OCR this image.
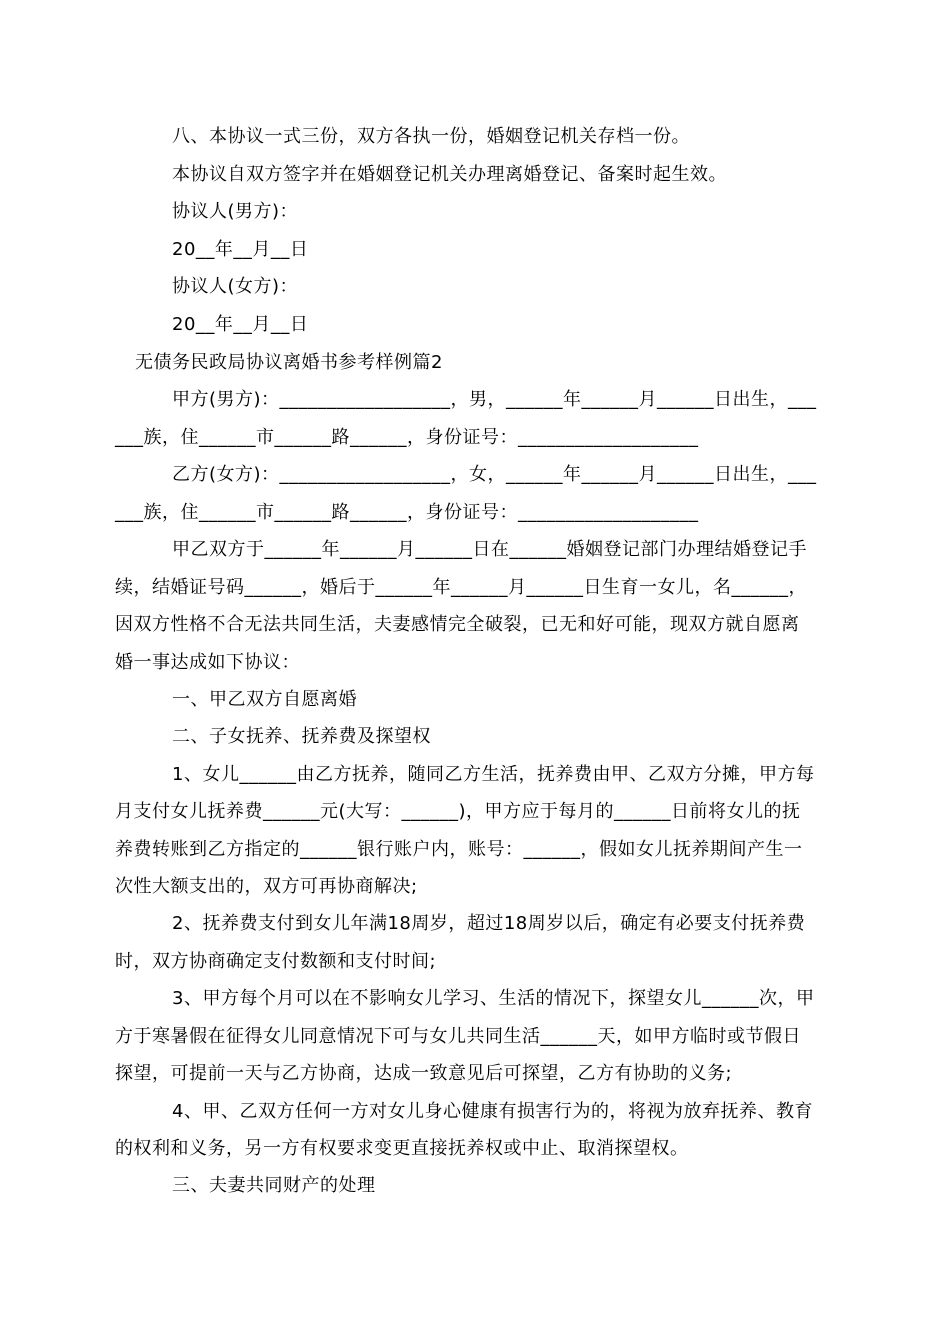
八、本协议一式三份，双方各执一份，婚姻登记机关存档一份。
本协议自双方签字并在婚姻登记机关办理离婚登记、备案时起生效。
协议人(男方)：
20__年__月__日
协议人(女方)：
20__年__月__日
无债务民政局协议离婚书参考样例篇2
甲方(男方)：__________________，男，______年______月______日出生，___
___族，住______市______路______，身份证号：___________________
乙方(女方)：__________________，女，______年______月______日出生，___
___族，住______市______路______，身份证号：___________________
甲乙双方于______年______月______日在______婚姻登记部门办理结婚登记手
续，结婚证号码______，婚后于______年______月______日生育一女儿，名______，
因双方性格不合无法共同生活，夫妻感情完全破裂，已无和好可能，现双方就自愿离
婚一事达成如下协议：
一、甲乙双方自愿离婚
二、子女抚养、抚养费及探望权
1、女儿______由乙方抚养，随同乙方生活，抚养费由甲、乙双方分摊，甲方每
月支付女儿抚养费______元(大写：______)，甲方应于每月的______日前将女儿的抚
养费转账到乙方指定的______银行账户内，账号：______，假如女儿抚养期间产生一
次性大额支出的，双方可再协商解决;
2、抚养费支付到女儿年满18周岁，超过18周岁以后，确定有必要支付抚养费
时，双方协商确定支付数额和支付时间;
3、甲方每个月可以在不影响女儿学习、生活的情况下，探望女儿______次，甲
方于寒暑假在征得女儿同意情况下可与女儿共同生活______天，如甲方临时或节假日
探望，可提前一天与乙方协商，达成一致意见后可探望，乙方有协助的义务;
4、甲、乙双方任何一方对女儿身心健康有损害行为的，将视为放弃抚养、教育
的权利和义务，另一方有权要求变更直接抚养权或中止、取消探望权。
三、夫妻共同财产的处理
